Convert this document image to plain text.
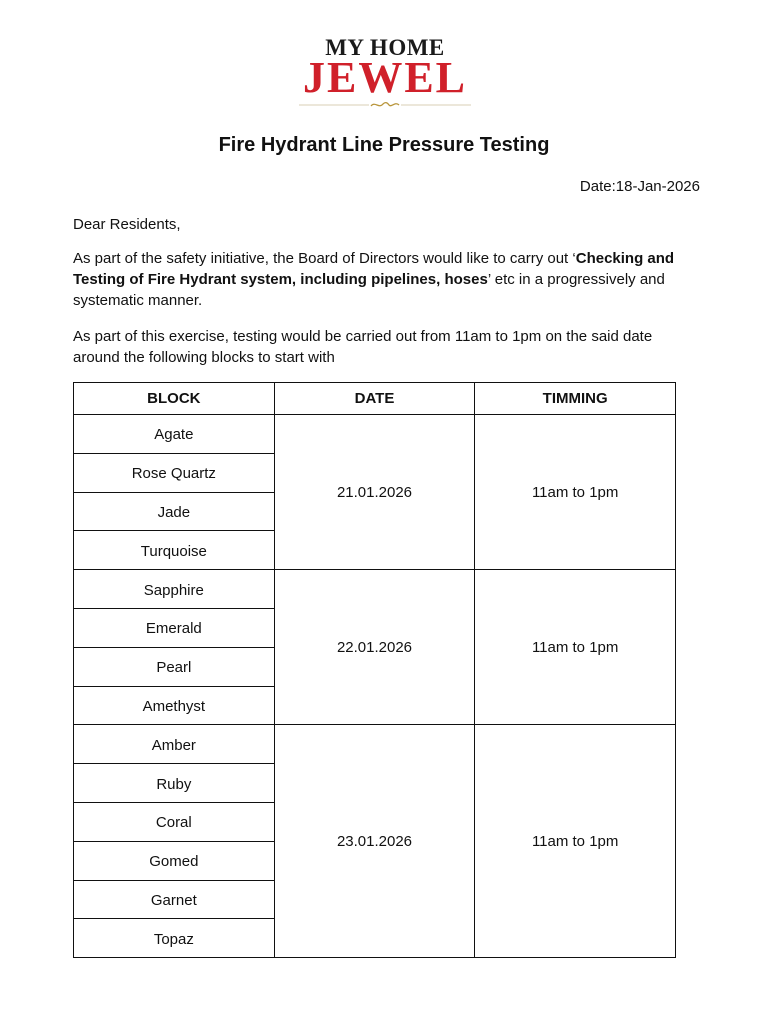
MY HOME
JEWEL
Fire Hydrant Line Pressure Testing
Date:18-Jan-2026
Dear Residents,
As part of the safety initiative, the Board of Directors would like to carry out ‘Checking and Testing of Fire Hydrant system, including pipelines, hoses’ etc in a progressively and systematic manner.
As part of this exercise, testing would be carried out from 11am to 1pm on the said date around the following blocks to start with
BLOCK	DATE	TIMMING
Agate	21.01.2026	11am to 1pm
Rose Quartz		
Jade		
Turquoise		
Sapphire	22.01.2026	11am to 1pm
Emerald		
Pearl		
Amethyst		
Amber	23.01.2026	11am to 1pm
Ruby		
Coral		
Gomed		
Garnet		
Topaz		
